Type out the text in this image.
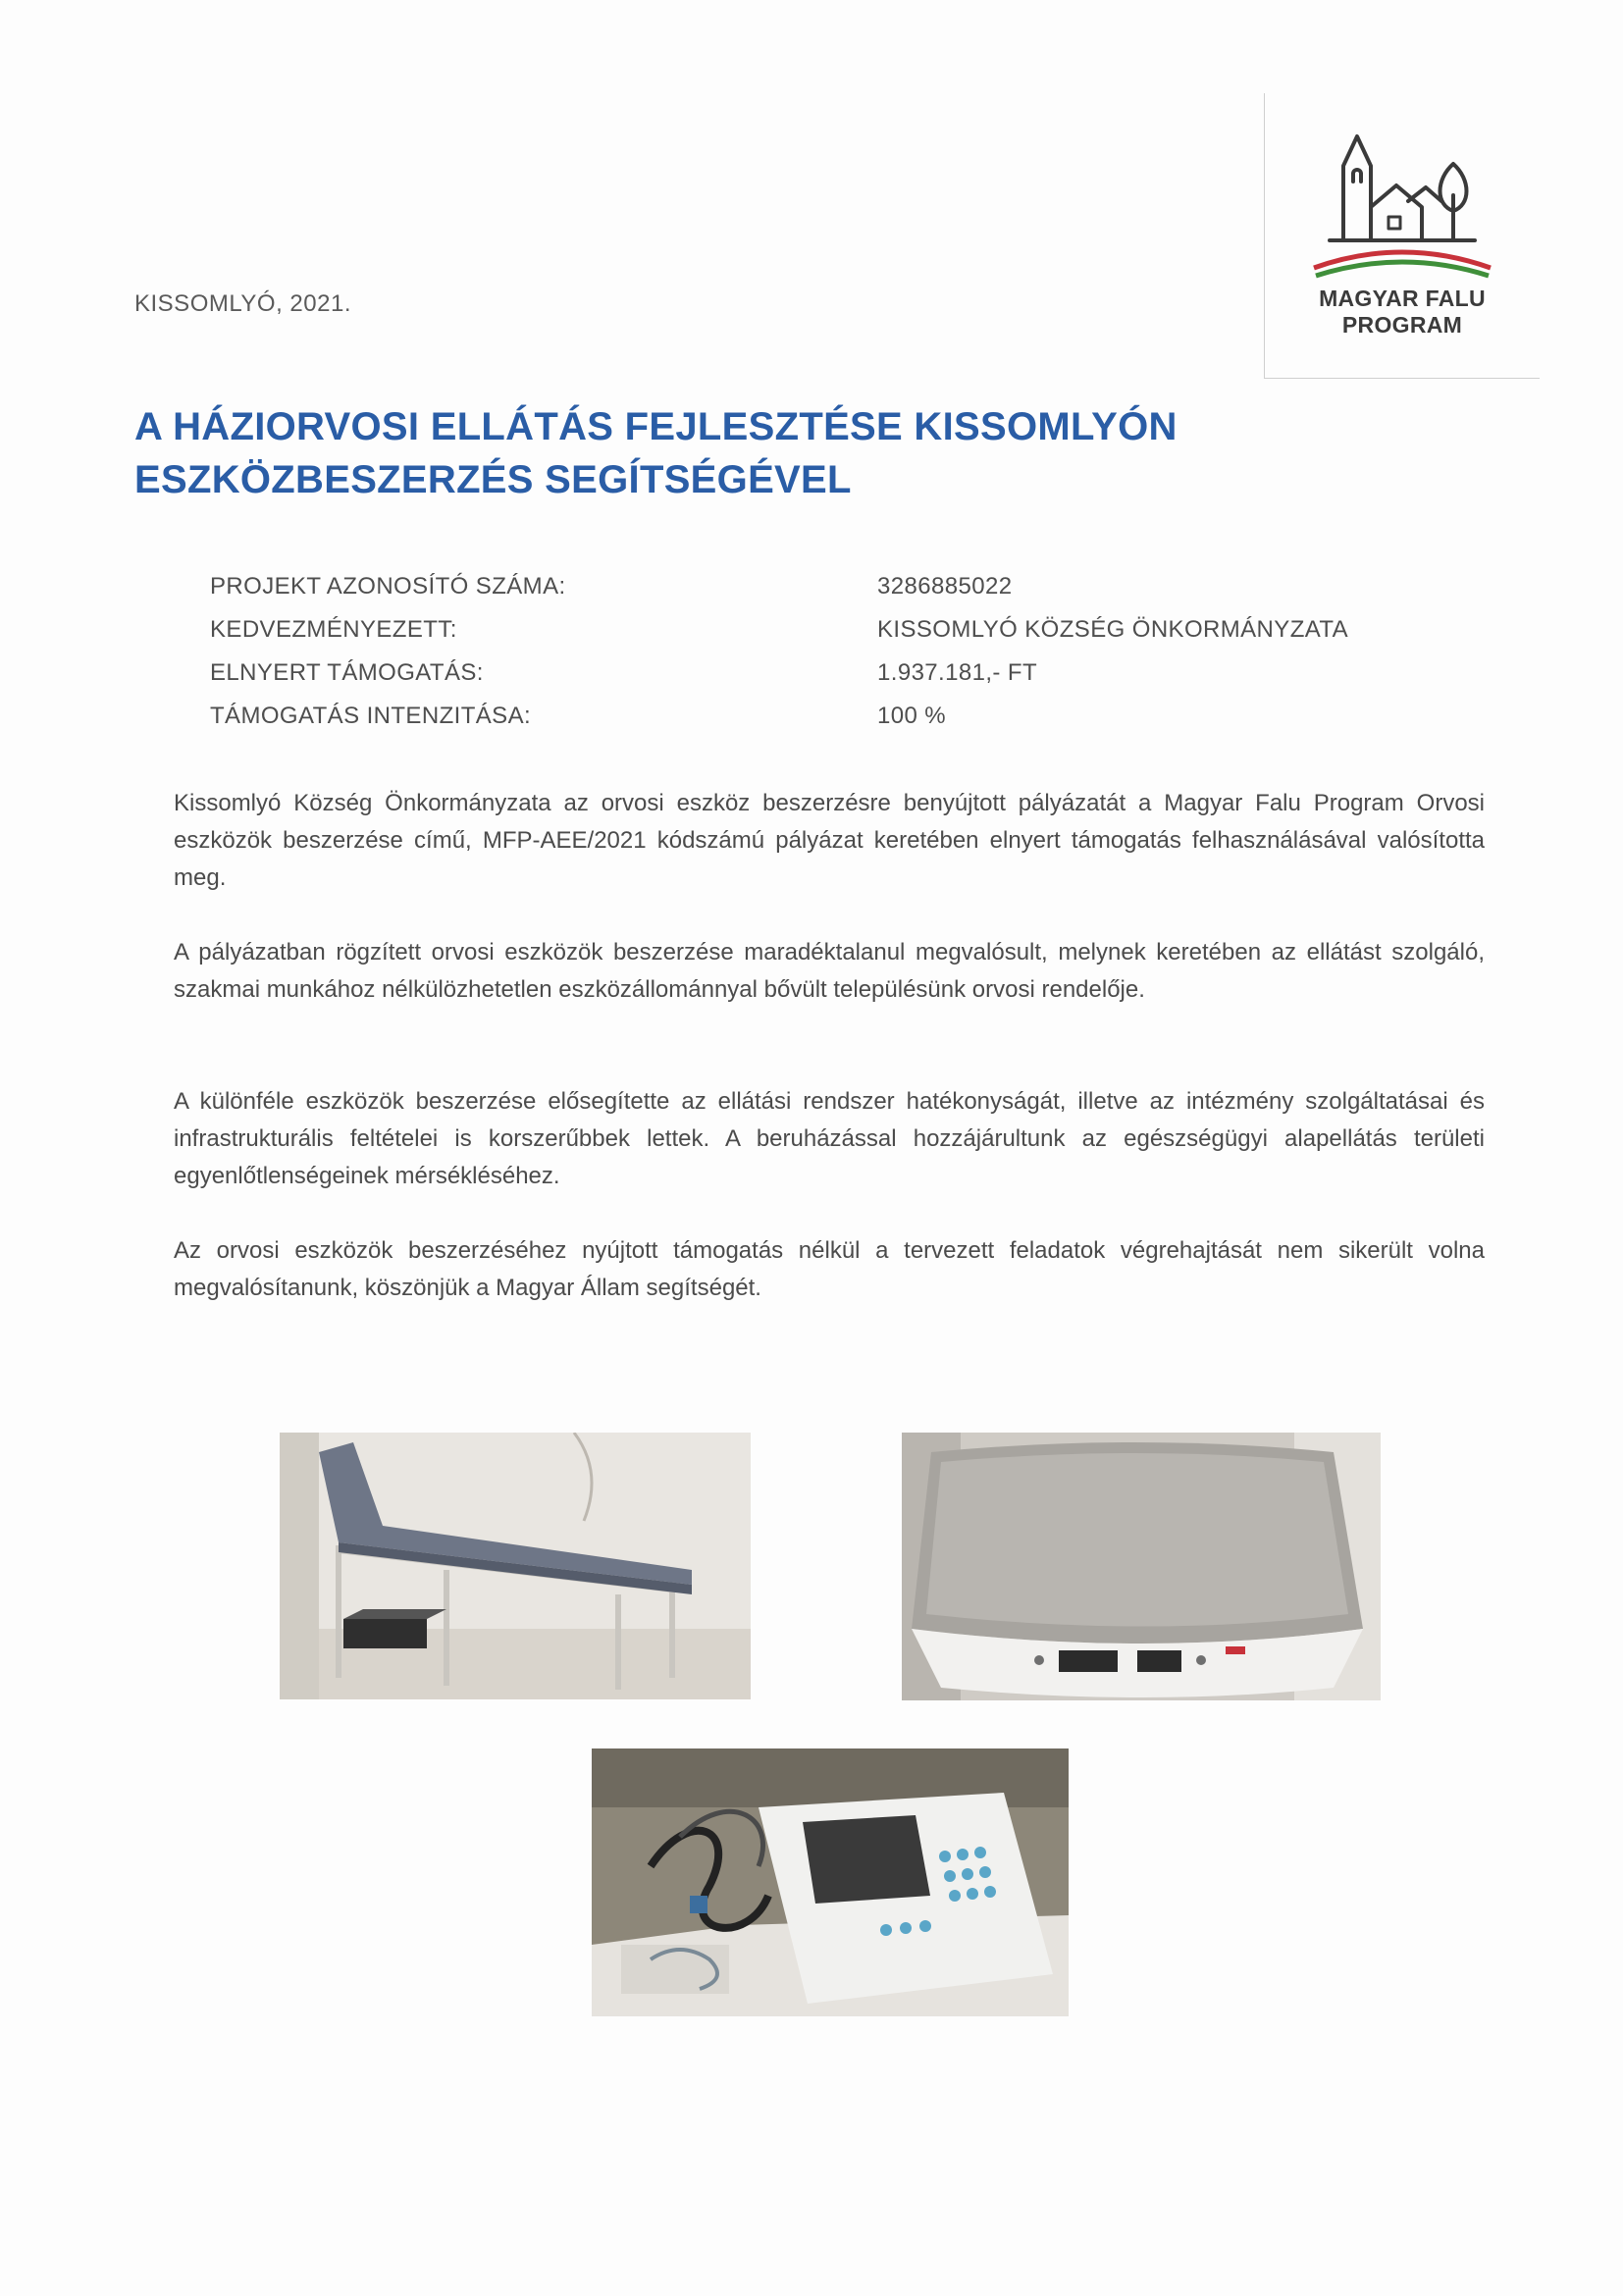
KISSOMLYÓ, 2021.	MAGYAR FALU
PROGRAM
A HÁZIORVOSI ELLÁTÁS FEJLESZTÉSE KISSOMLYÓN
ESZKÖZBESZERZÉS SEGÍTSÉGÉVEL
PROJEKT AZONOSÍTÓ SZÁMA:	3286885022
KEDVEZMÉNYEZETT:	KISSOMLYÓ KÖZSÉG ÖNKORMÁNYZATA
ELNYERT TÁMOGATÁS:	1.937.181,- FT
TÁMOGATÁS INTENZITÁSA:	100 %

Kissomlyó Község Önkormányzata az orvosi eszköz beszerzésre benyújtott pályázatát a Magyar Falu Program Orvosi eszközök beszerzése című, MFP-AEE/2021 kódszámú pályázat keretében elnyert támogatás felhasználásával valósította meg.

A pályázatban rögzített orvosi eszközök beszerzése maradéktalanul megvalósult, melynek keretében az ellátást szolgáló, szakmai munkához nélkülözhetetlen eszközállománnyal bővült településünk orvosi rendelője.

A különféle eszközök beszerzése elősegítette az ellátási rendszer hatékonyságát, illetve az intézmény szolgáltatásai és infrastrukturális feltételei is korszerűbbek lettek. A beruházással hozzájárultunk az egészségügyi alapellátás területi egyenlőtlenségeinek mérsékléséhez.

Az orvosi eszközök beszerzéséhez nyújtott támogatás nélkül a tervezett feladatok végrehajtását nem sikerült volna megvalósítanunk, köszönjük a Magyar Állam segítségét.
